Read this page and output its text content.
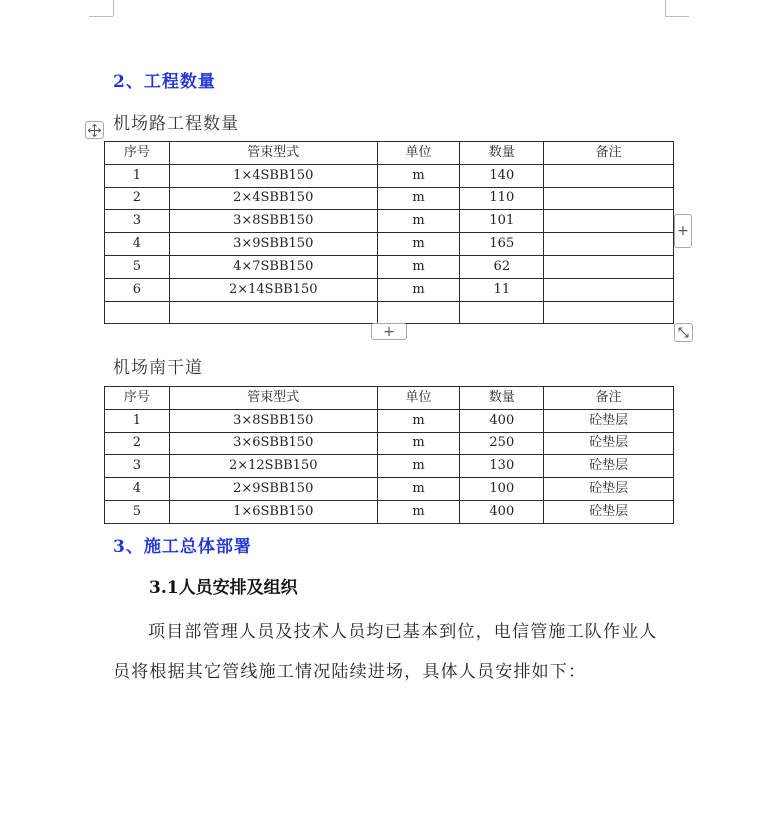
2、工程数量
机场路工程数量
序号	管束型式	单位	数量	备注
1	1×4SBB150	m	140	
2	2×4SBB150	m	110	
3	3×8SBB150	m	101	
4	3×9SBB150	m	165	
5	4×7SBB150	m	62	
6	2×14SBB150	m	11	

+
+
机场南干道
序号	管束型式	单位	数量	备注
1	3×8SBB150	m	400	砼垫层
2	3×6SBB150	m	250	砼垫层
3	2×12SBB150	m	130	砼垫层
4	2×9SBB150	m	100	砼垫层
5	1×6SBB150	m	400	砼垫层
3、施工总体部署
3.1人员安排及组织
项目部管理人员及技术人员均已基本到位，电信管施工队作业人
员将根据其它管线施工情况陆续进场，具体人员安排如下：
